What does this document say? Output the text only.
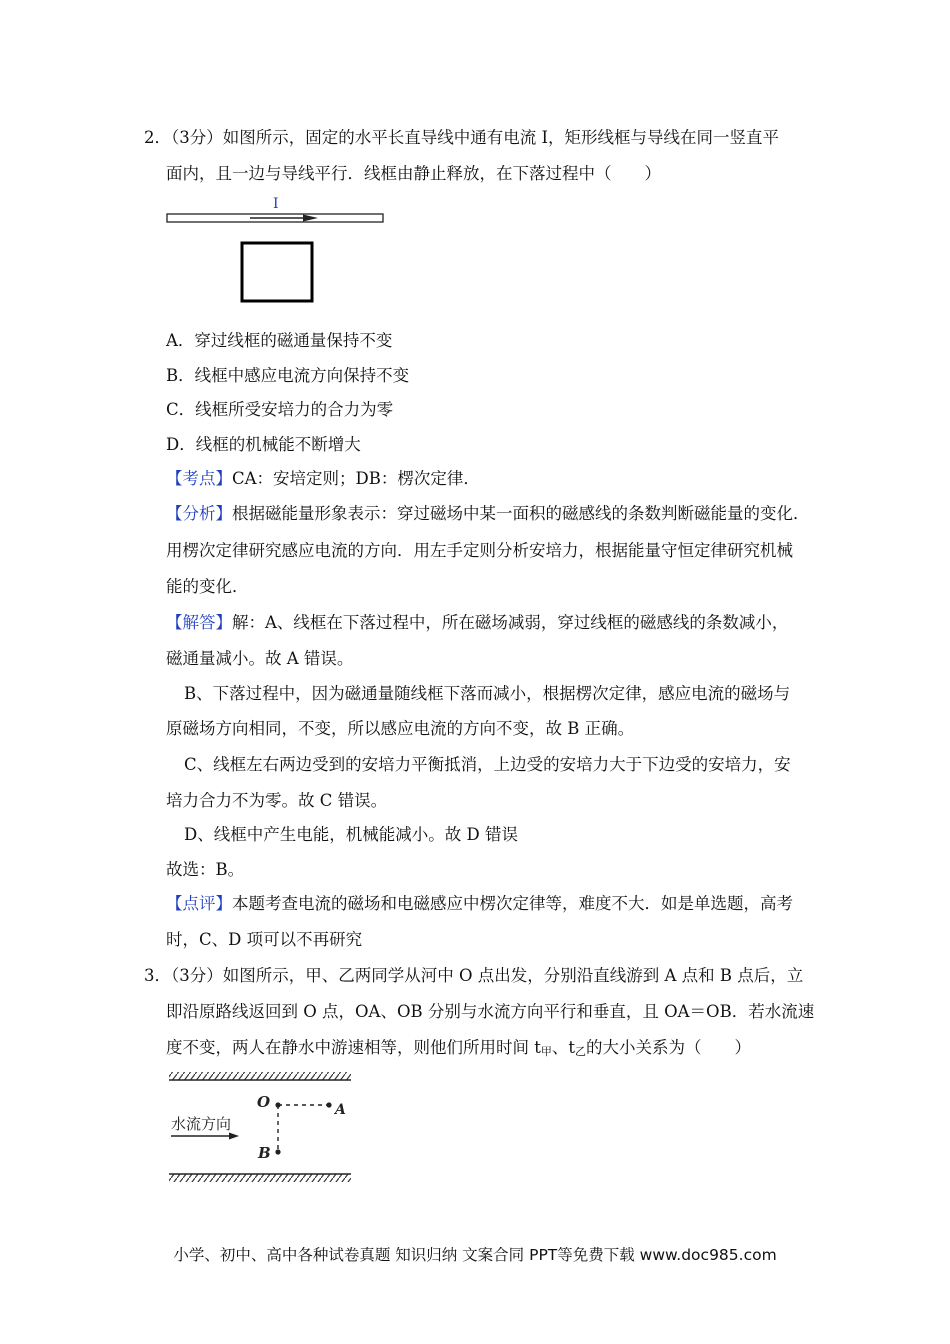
2．（3分）如图所示，固定的水平长直导线中通有电流 I，矩形线框与导线在同一竖直平
面内，且一边与导线平行．线框由静止释放，在下落过程中（　　）
I
A．穿过线框的磁通量保持不变
B．线框中感应电流方向保持不变
C．线框所受安培力的合力为零
D．线框的机械能不断增大
【考点】CA：安培定则；DB：楞次定律．
【分析】根据磁能量形象表示：穿过磁场中某一面积的磁感线的条数判断磁能量的变化．
用楞次定律研究感应电流的方向．用左手定则分析安培力，根据能量守恒定律研究机械
能的变化．
【解答】解：A、线框在下落过程中，所在磁场减弱，穿过线框的磁感线的条数减小，
磁通量减小。故 A 错误。
B、下落过程中，因为磁通量随线框下落而减小，根据楞次定律，感应电流的磁场与
原磁场方向相同，不变，所以感应电流的方向不变，故 B 正确。
C、线框左右两边受到的安培力平衡抵消，上边受的安培力大于下边受的安培力，安
培力合力不为零。故 C 错误。
D、线框中产生电能，机械能减小。故 D 错误
故选：B。
【点评】本题考查电流的磁场和电磁感应中楞次定律等，难度不大．如是单选题，高考
时，C、D 项可以不再研究
3．（3分）如图所示，甲、乙两同学从河中 O 点出发，分别沿直线游到 A 点和 B 点后，立
即沿原路线返回到 O 点，OA、OB 分别与水流方向平行和垂直，且 OA＝OB．若水流速
度不变，两人在静水中游速相等，则他们所用时间 t甲、t乙的大小关系为（　　）
O	A
B
水流方向
小学、初中、高中各种试卷真题 知识归纳 文案合同 PPT等免费下载 www.doc985.com
